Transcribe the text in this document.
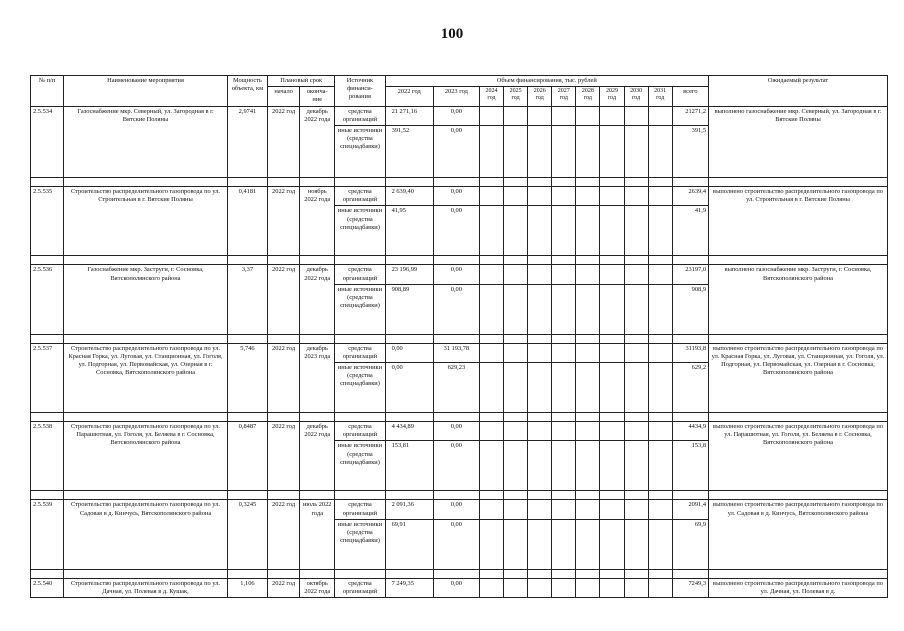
100
№ п/п	Наименование мероприятия	Мощность объекта, км	Плановый срок		Источник финанси-рования	Объем финансирования, тыс. рублей											Ожидаемый результат
			начало	оконча-ние		2022 год	2023 год	2024 год	2025 год	2026 год	2027 год	2028 год	2029 год	2030 год	2031 год	всего	
2.5.534	Газоснабжение мкр. Северный, ул. Загородная в г. Вятские Поляны	2,9741	2022 год	декабрь 2022 года	средства организаций	21 271,16	0,00									21271,2	выполнено газоснабжение мкр. Северный, ул. Загородная в г. Вятские Поляны
					иные источники (средства спецнадбавки)	391,52	0,00									391,5	

2.5.535	Строительство распределительного газопровода по ул. Строительная в г. Вятские Поляны	0,4181	2022 год	ноябрь 2022 года	средства организаций	2 639,40	0,00									2639,4	выполнено строительство распределительного газопровода по ул. Строительная в г. Вятские Поляны
					иные источники (средства спецнадбавки)	41,95	0,00									41,9	

2.5.536	Газоснабжение мкр. Заструги, г. Сосновка, Вятскополянского района	3,37	2022 год	декабрь 2022 года	средства организаций	23 196,99	0,00									23197,0	выполнено газоснабжение мкр. Заструги, г. Сосновка, Вятскополянского района
					иные источники (средства спецнадбавки)	908,89	0,00									908,9	

2.5.537	Строительство распределительного газопровода по ул. Красная Горка, ул. Луговая, ул. Станционная, ул. Гоголя, ул. Подгорная, ул. Первомайская, ул. Озерная в г. Сосновка, Вятскополянского района	5,746	2022 год	декабрь 2023 года	средства организаций	0,00	31 193,78									31193,8	выполнено строительство распределительного газопровода по ул. Красная Горка, ул. Луговая, ул. Станционная, ул. Гоголя, ул. Подгорная, ул. Первомайская, ул. Озерная в г. Сосновка, Вятскополянского района
					иные источники (средства спецнадбавки)	0,00	629,23									629,2	

2.5.538	Строительство распределительного газопровода по ул. Парашютная, ул. Гоголя, ул. Беляева в г. Сосновка, Вятскополянского района	0,8487	2022 год	декабрь 2022 года	средства организаций	4 434,89	0,00									4434,9	выполнено строительство распределительного газопровода по ул. Парашютная, ул. Гоголя, ул. Беляева в г. Сосновка, Вятскополянского района
					иные источники (средства спецнадбавки)	153,81	0,00									153,8	

2.5.539	Строительство распределительного газопровода по ул. Садовая в д. Кинчусь, Вятскополянского района	0,3245	2022 год	июль 2022 года	средства организаций	2 091,36	0,00									2091,4	выполнено строительство распределительного газопровода по ул. Садовая в д. Кинчусь, Вятскополянского района
					иные источники (средства спецнадбавки)	69,91	0,00									69,9	

2.5.540	Строительство распределительного газопровода по ул. Дачная, ул. Полевая в д. Кушак,	1,106	2022 год	октябрь 2022 года	средства организаций	7 249,35	0,00									7249,3	выполнено строительство распределительного газопровода по ул. Дачная, ул. Полевая в д.
